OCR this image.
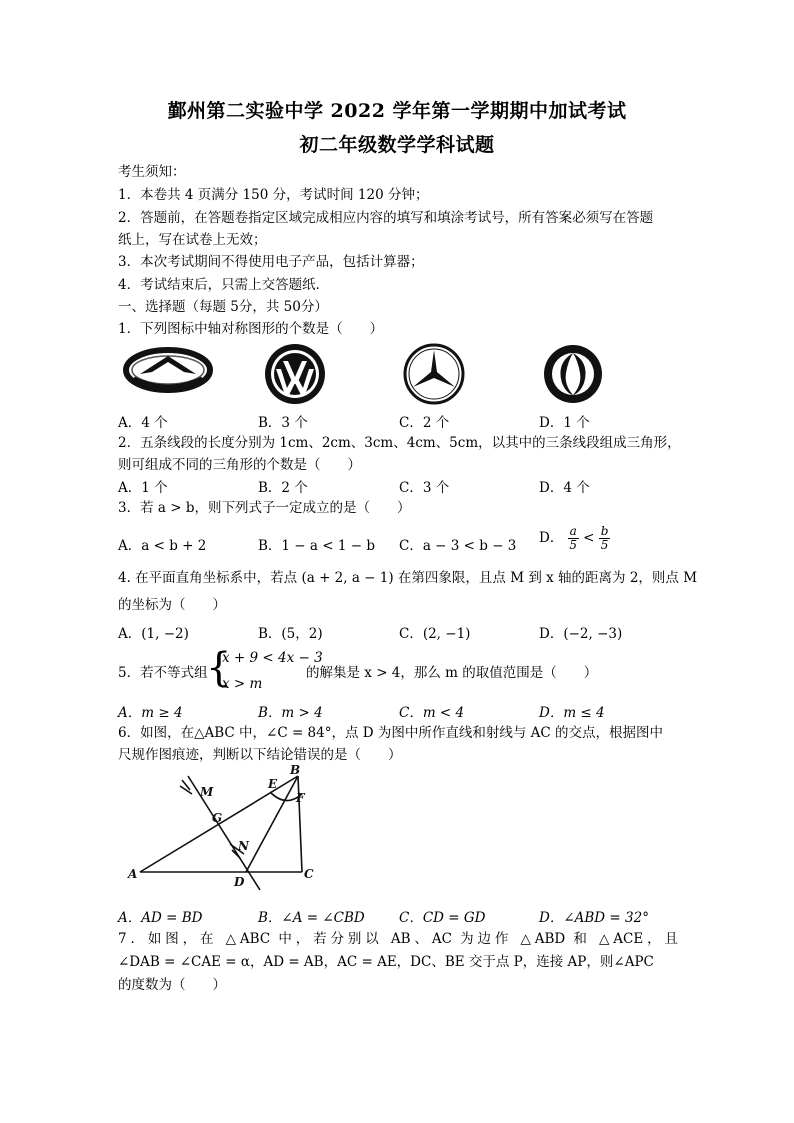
鄞州第二实验中学 2022 学年第一学期期中加试考试
初二年级数学学科试题
考生须知：
1．本卷共 4 页满分 150 分，考试时间 120 分钟；
2．答题前，在答题卷指定区域完成相应内容的填写和填涂考试号，所有答案必须写在答题
纸上，写在试卷上无效；
3．本次考试期间不得使用电子产品，包括计算器；
4．考试结束后，只需上交答题纸．
一、选择题（每题 5分，共 50分）
1．下列图标中轴对称图形的个数是（　　）
A．4 个	B．3 个	C．2 个	D．1 个
2．五条线段的长度分别为 1cm、2cm、3cm、4cm、5cm，以其中的三条线段组成三角形，
则可组成不同的三角形的个数是（　　）
A．1 个	B．2 个	C．3 个	D．4 个
3．若 a > b，则下列式子一定成立的是（　　）
A．a < b + 2	B．1 − a < 1 − b C．a − 3 < b − 3 D． $\frac{a}{5} < \frac{b}{5}$
4. 在平面直角坐标系中，若点 (a + 2, a − 1) 在第四象限，且点 M 到 x 轴的距离为 2，则点 M
的坐标为（　　）
A．(1, −2)	B．(5，2)	C．(2, −1)	D．(−2, −3)
5．若不等式组
{
x + 9 < 4x − 3
x > m
的解集是 x > 4，那么 m 的取值范围是（　　）
A．m ≥ 4	B．m > 4	C．m < 4	D．m ≤ 4
6．如图，在△ABC 中，∠C = 84°，点 D 为图中所作直线和射线与 AC 的交点，根据图中
尺规作图痕迹，判断以下结论错误的是（　　）
A
B
C
D
E
F
G
M
N
A．AD = BD	B．∠A = ∠CBD	C．CD = GD	D．∠ABD = 32°
7．如图，在 △ABC 中，若分别以 AB、AC 为边作 △ABD 和 △ACE，且
∠DAB = ∠CAE = α，AD = AB，AC = AE，DC、BE 交于点 P，连接 AP，则∠APC
的度数为（　　）
